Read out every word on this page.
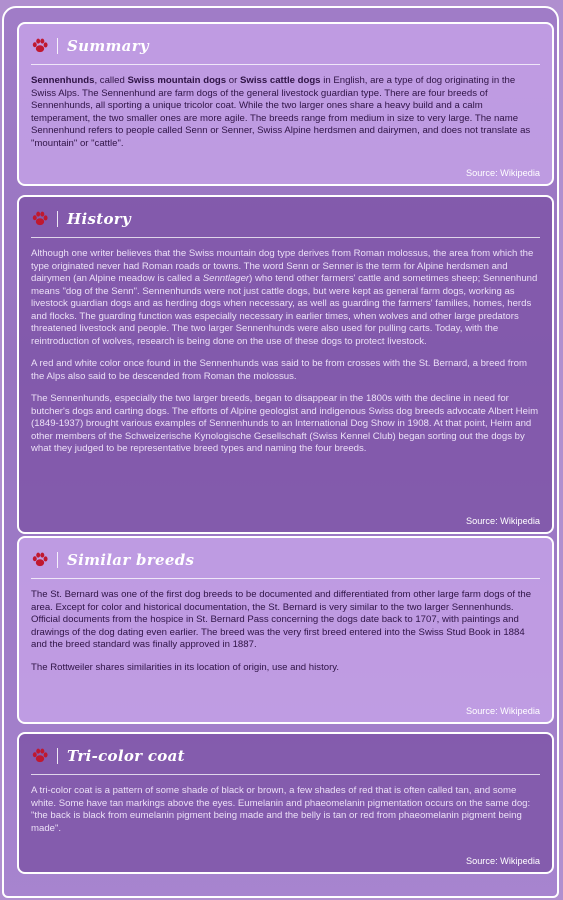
Summary

Sennenhunds, called Swiss mountain dogs or Swiss cattle dogs in English, are a type of dog originating in the Swiss Alps. The Sennenhund are farm dogs of the general livestock guardian type. There are four breeds of Sennenhunds, all sporting a unique tricolor coat. While the two larger ones share a heavy build and a calm temperament, the two smaller ones are more agile. The breeds range from medium in size to very large. The name Sennenhund refers to people called Senn or Senner, Swiss Alpine herdsmen and dairymen, and does not translate as "mountain" or "cattle".

Source: Wikipedia
History

Although one writer believes that the Swiss mountain dog type derives from Roman molossus, the area from which the type originated never had Roman roads or towns. The word Senn or Senner is the term for Alpine herdsmen and dairymen (an Alpine meadow is called a Senntlager) who tend other farmers' cattle and sometimes sheep; Sennenhund means "dog of the Senn". Sennenhunds were not just cattle dogs, but were kept as general farm dogs, working as livestock guardian dogs and as herding dogs when necessary, as well as guarding the farmers' families, homes, herds and flocks. The guarding function was especially necessary in earlier times, when wolves and other large predators threatened livestock and people. The two larger Sennenhunds were also used for pulling carts. Today, with the reintroduction of wolves, research is being done on the use of these dogs to protect livestock.

A red and white color once found in the Sennenhunds was said to be from crosses with the St. Bernard, a breed from the Alps also said to be descended from Roman the molossus.

The Sennenhunds, especially the two larger breeds, began to disappear in the 1800s with the decline in need for butcher's dogs and carting dogs. The efforts of Alpine geologist and indigenous Swiss dog breeds advocate Albert Heim (1849-1937) brought various examples of Sennenhunds to an International Dog Show in 1908. At that point, Heim and other members of the Schweizerische Kynologische Gesellschaft (Swiss Kennel Club) began sorting out the dogs by what they judged to be representative breed types and naming the four breeds.

Source: Wikipedia
Similar breeds

The St. Bernard was one of the first dog breeds to be documented and differentiated from other large farm dogs of the area. Except for color and historical documentation, the St. Bernard is very similar to the two larger Sennenhunds. Official documents from the hospice in St. Bernard Pass concerning the dogs date back to 1707, with paintings and drawings of the dog dating even earlier. The breed was the very first breed entered into the Swiss Stud Book in 1884 and the breed standard was finally approved in 1887.

The Rottweiler shares similarities in its location of origin, use and history.

Source: Wikipedia
Tri-color coat

A tri-color coat is a pattern of some shade of black or brown, a few shades of red that is often called tan, and some white. Some have tan markings above the eyes. Eumelanin and phaeomelanin pigmentation occurs on the same dog: "the back is black from eumelanin pigment being made and the belly is tan or red from phaeomelanin pigment being made".

Source: Wikipedia
